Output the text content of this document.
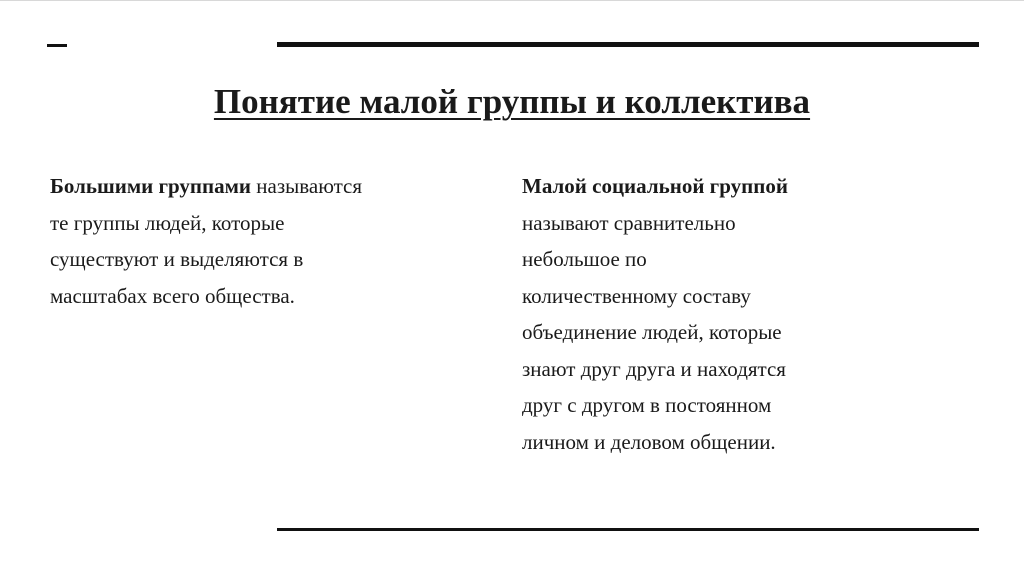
Понятие малой группы и коллектива

Большими группами называются
те группы людей, которые
существуют и выделяются в
масштабах всего общества.

Малой социальной группой
называют сравнительно
небольшое по
количественному составу
объединение людей, которые
знают друг друга и находятся
друг с другом в постоянном
личном и деловом общении.
